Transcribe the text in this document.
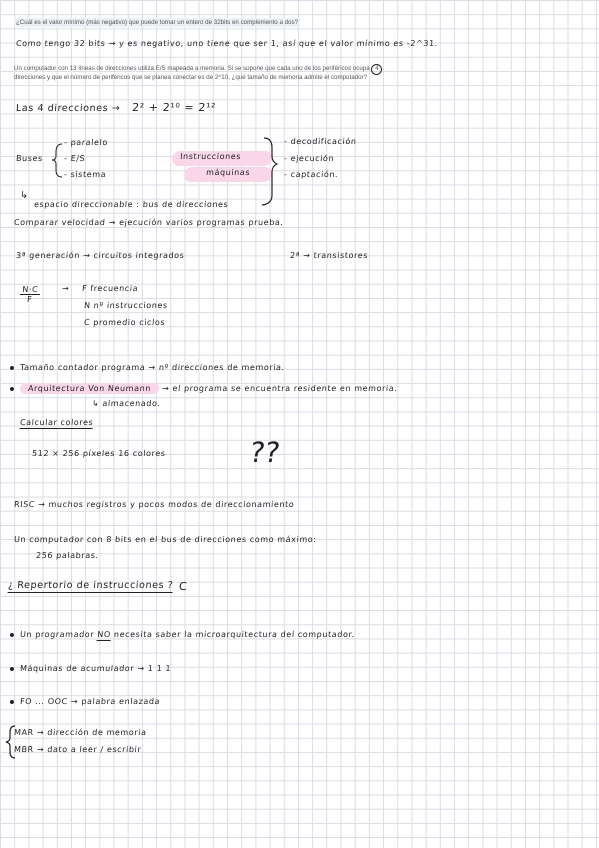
¿Cuál es el valor mínimo (más negativo) que puede tomar un entero de 32bits en complemento a dos?
Como tengo 32 bits → y es negativo, uno tiene que ser 1, así que el valor mínimo es -2^31.
Un computador con 13 líneas de direcciones utiliza E/S mapeada a memoria. Si se supone que cada uno de los periféricos ocupa 4
direcciones y que el número de periféricos que se planea conectar es de 2^10, ¿qué tamaño de memoria admite el computador?
Las 4 direcciones → 2² + 2¹⁰ = 2¹²
Buses
- paralelo
- E/S
- sistema
Instrucciones
máquinas
- decodificación
- ejecución
- captación.
↳
espacio direccionable : bus de direcciones
Comparar velocidad → ejecución varios programas prueba.
3ª generación → circuitos integrados	2ª → transistores
$\frac{N\cdot C}{F}$	→ F frecuencia
N nº instrucciones
C promedio ciclos
Tamaño contador programa → nº direcciones de memoria.
Arquitectura Von Neumann → el programa se encuentra residente en memoria.
↳ almacenado.
Calcular colores
512 × 256 píxeles 16 colores	??
RISC → muchos registros y pocos modos de direccionamiento
Un computador con 8 bits en el bus de direcciones como máximo:
256 palabras.
¿ Repertorio de instrucciones ? C
Un programador NO necesita saber la microarquitectura del computador.
Máquinas de acumulador → 1 1 1
FO ... OOC → palabra enlazada
MAR → dirección de memoria
MBR → dato a leer / escribir
